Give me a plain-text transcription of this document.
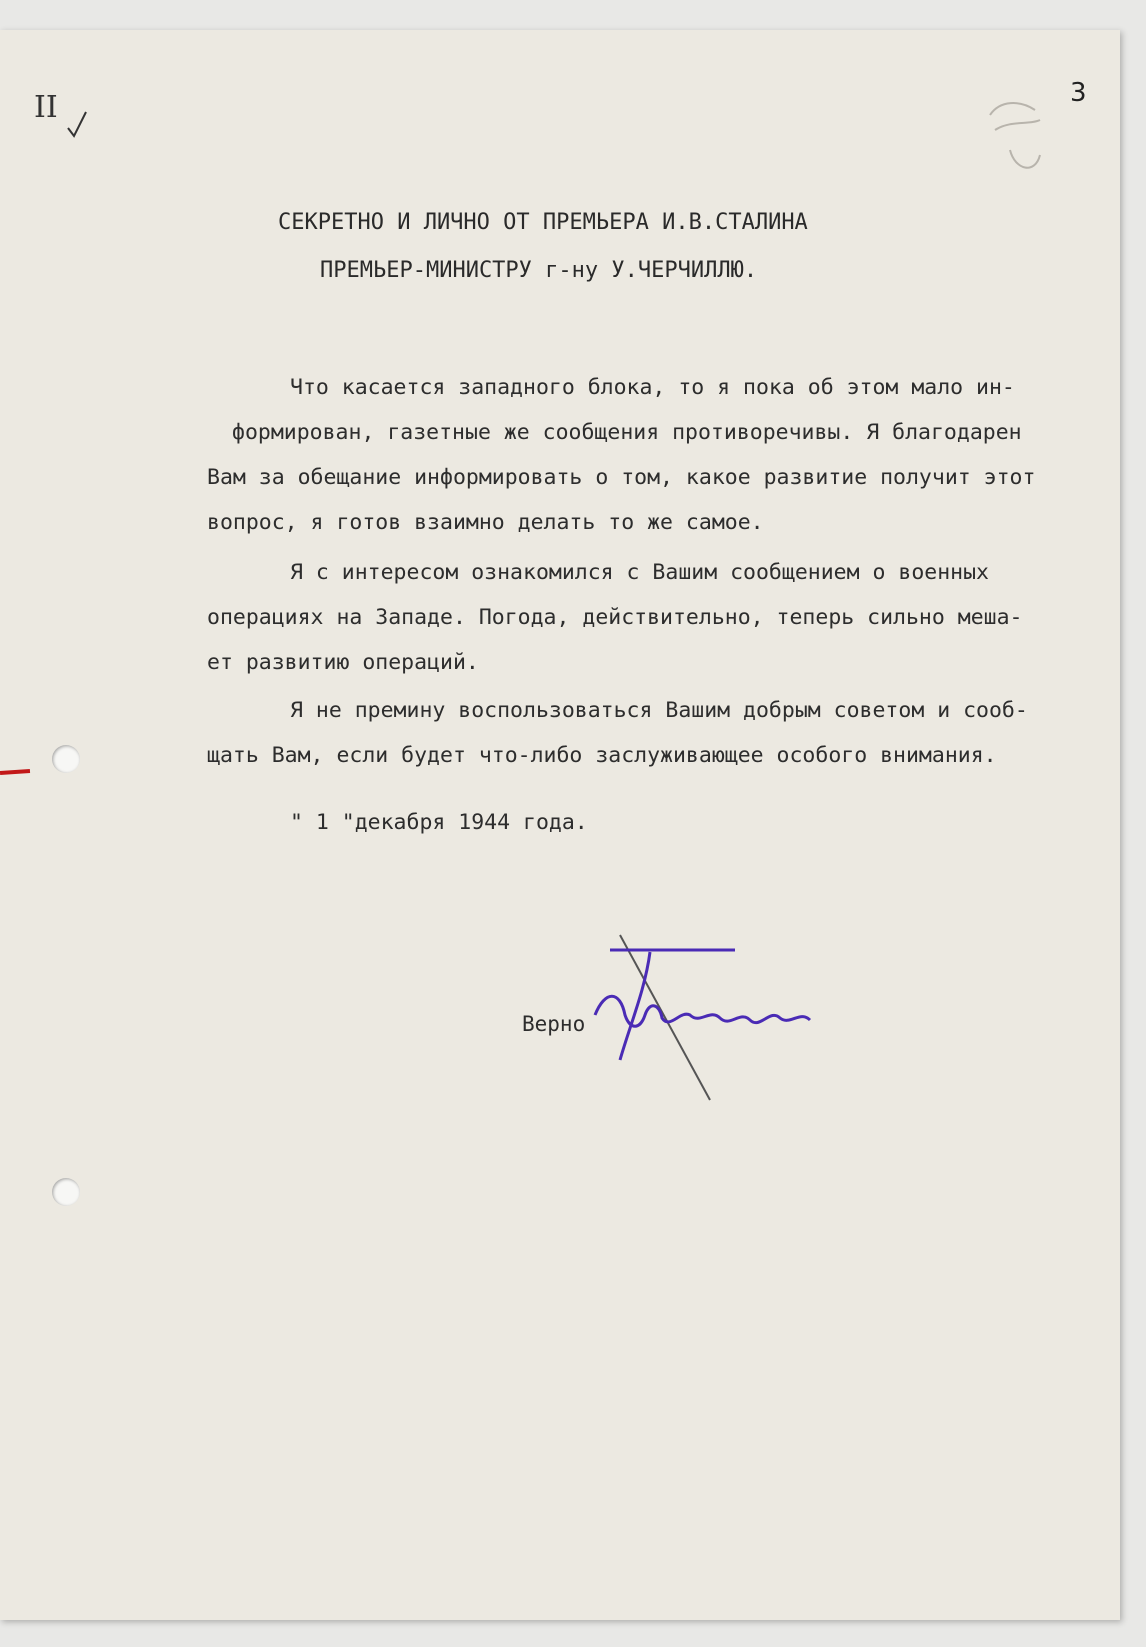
II	3
СЕКРЕТНО И ЛИЧНО ОТ ПРЕМЬЕРА И.В.СТАЛИНА
ПРЕМЬЕР-МИНИСТРУ г-ну У.ЧЕРЧИЛЛЮ.
Что касается западного блока, то я пока об этом мало ин-
формирован, газетные же сообщения противоречивы. Я благодарен
Вам за обещание информировать о том, какое развитие получит этот
вопрос, я готов взаимно делать то же самое.
Я с интересом ознакомился с Вашим сообщением о военных
операциях на Западе. Погода, действительно, теперь сильно меша-
ет развитию операций.
Я не премину воспользоваться Вашим добрым советом и сооб-
щать Вам, если будет что-либо заслуживающее особого внимания.
" 1 "декабря 1944 года.
Верно
